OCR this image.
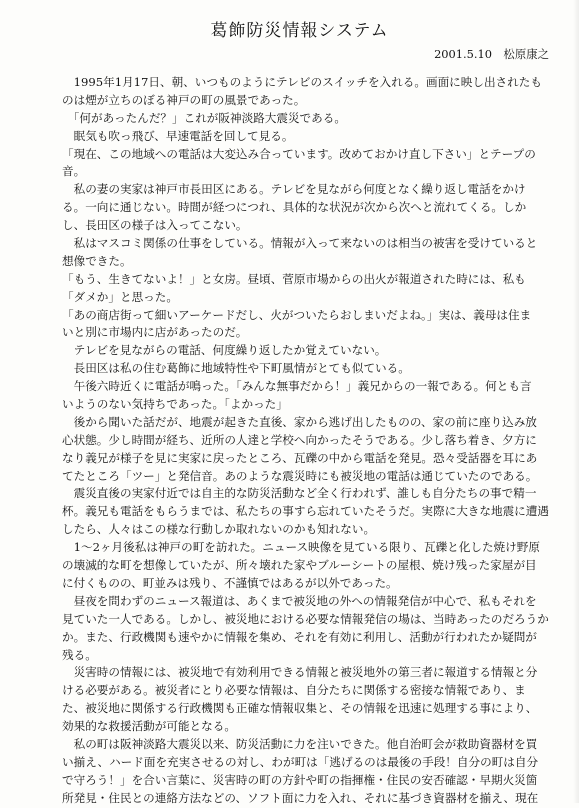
葛飾防災情報システム
2001.5.10　松原康之
　1995年1月17日、朝、いつものようにテレビのスイッチを入れる。画面に映し出されたも
のは煙が立ちのぼる神戸の町の風景であった。
　「何があったんだ？」これが阪神淡路大震災である。
　眠気も吹っ飛び、早速電話を回して見る。
「現在、この地域への電話は大変込み合っています。改めておかけ直し下さい」とテープの
音。
　私の妻の実家は神戸市長田区にある。テレビを見ながら何度となく繰り返し電話をかけ
る。一向に通じない。時間が経つにつれ、具体的な状況が次から次へと流れてくる。しか
し、長田区の様子は入ってこない。
　私はマスコミ関係の仕事をしている。情報が入って来ないのは相当の被害を受けていると
想像できた。
「もう、生きてないよ！」と女房。昼頃、菅原市場からの出火が報道された時には、私も
「ダメか」と思った。
「あの商店街って細いアーケードだし、火がついたらおしまいだよね。」実は、義母は住ま
いと別に市場内に店があったのだ。
　テレビを見ながらの電話、何度繰り返したか覚えていない。
　長田区は私の住む葛飾に地域特性や下町風情がとても似ている。
　午後六時近くに電話が鳴った。「みんな無事だから！」義兄からの一報である。何とも言
いようのない気持ちであった。「よかった」
　後から聞いた話だが、地震が起きた直後、家から逃げ出したものの、家の前に座り込み放
心状態。少し時間が経ち、近所の人達と学校へ向かったそうである。少し落ち着き、夕方に
なり義兄が様子を見に実家に戻ったところ、瓦礫の中から電話を発見。恐々受話器を耳にあ
てたところ「ツー」と発信音。あのような震災時にも被災地の電話は通じていたのである。
　震災直後の実家付近では自主的な防災活動など全く行われず、誰しも自分たちの事で精一
杯。義兄も電話をもらうまでは、私たちの事すら忘れていたそうだ。実際に大きな地震に遭遇
したら、人々はこの様な行動しか取れないのかも知れない。
　1～2ヶ月後私は神戸の町を訪れた。ニュース映像を見ている限り、瓦礫と化した焼け野原
の壊滅的な町を想像していたが、所々壊れた家やブルーシートの屋根、焼け残った家屋が目
に付くものの、町並みは残り、不謹慎ではあるが以外であった。
　昼夜を問わずのニュース報道は、あくまで被災地の外への情報発信が中心で、私もそれを
見ていた一人である。しかし、被災地における必要な情報発信の場は、当時あったのだろうか
か。また、行政機関も速やかに情報を集め、それを有効に利用し、活動が行われたか疑問が
残る。
　災害時の情報には、被災地で有効利用できる情報と被災地外の第三者に報道する情報と分
ける必要がある。被災者にとり必要な情報は、自分たちに関係する密接な情報であり、ま
た、被災地に関係する行政機関も正確な情報収集と、その情報を迅速に処理する事により、
効果的な救援活動が可能となる。
　私の町は阪神淡路大震災以来、防災活動に力を注いできた。他自治町会が救助資器材を買
い揃え、ハード面を充実させるの対し、わが町は「逃げるのは最後の手段！自分の町は自分
で守ろう！」を合い言葉に、災害時の町の方針や町の指揮権・住民の安否確認・早期火災箇
所発見・住民との連絡方法などの、ソフト面に力を入れ、それに基づき資器材を揃え、現在
